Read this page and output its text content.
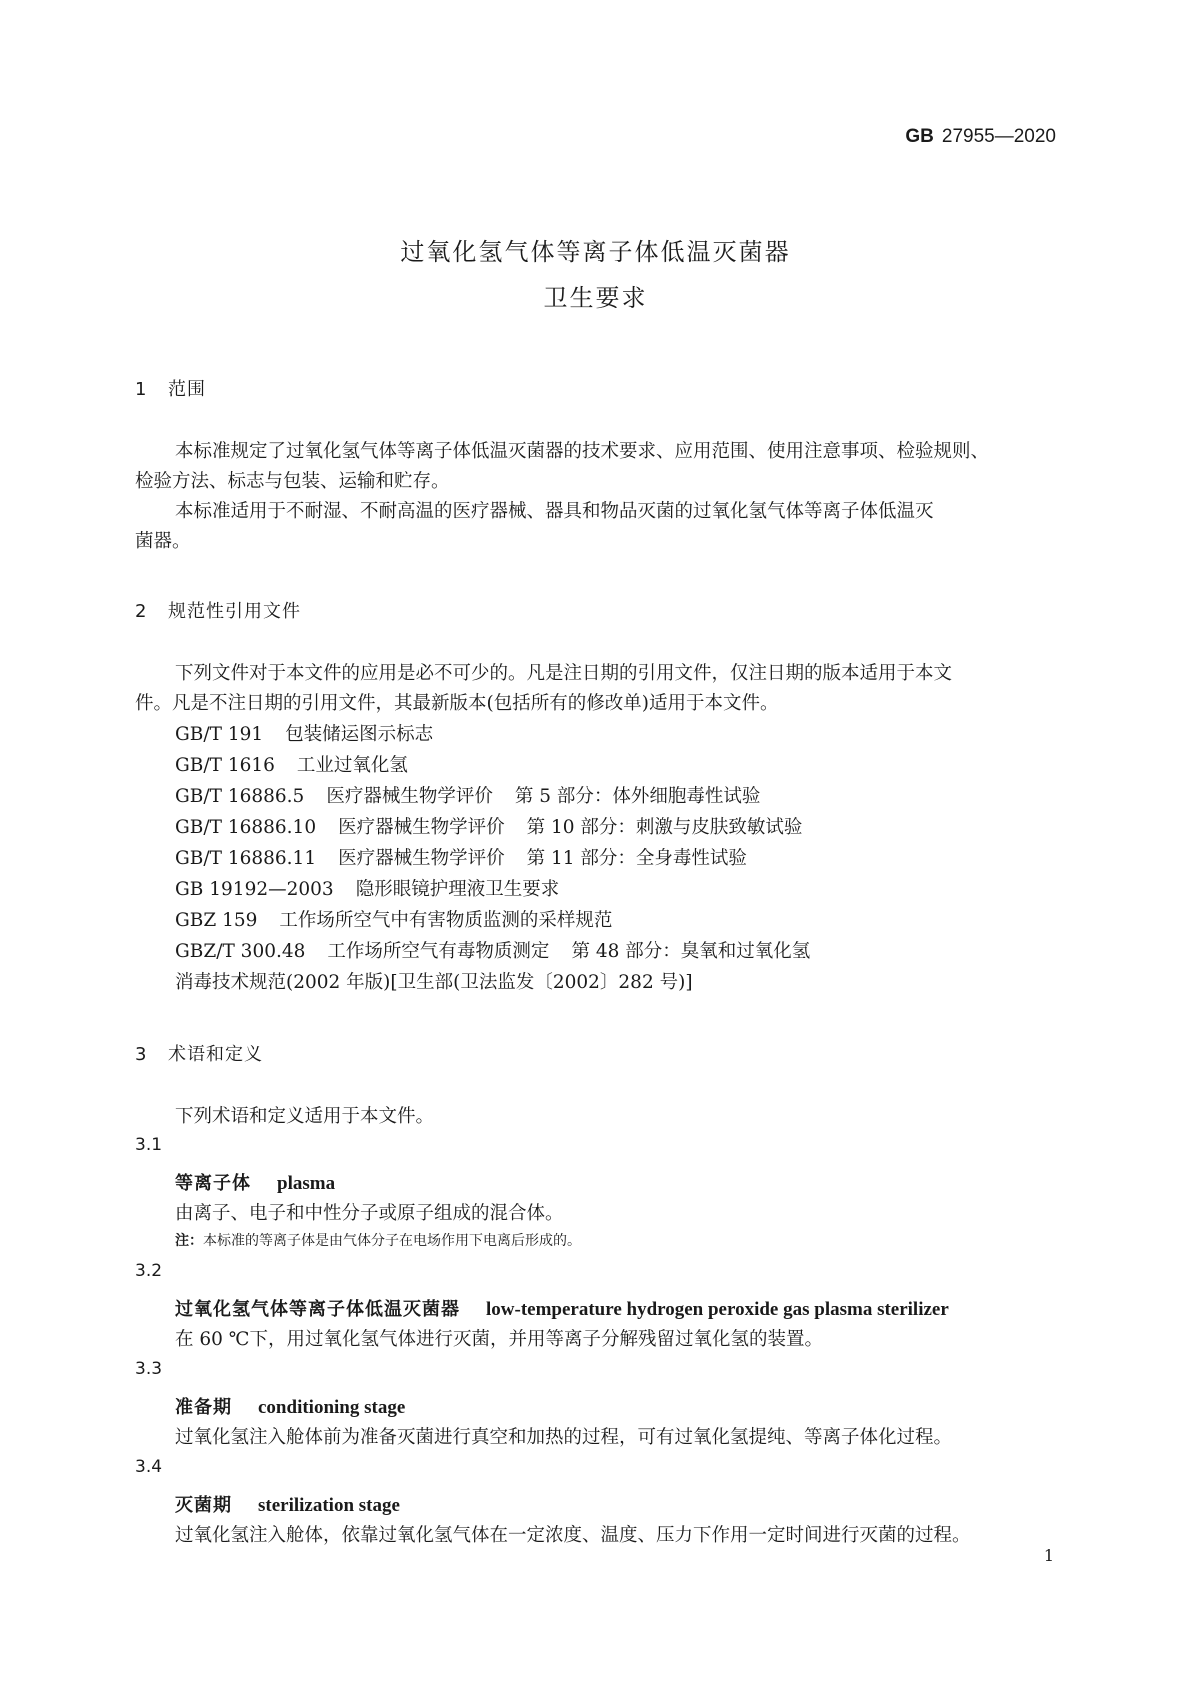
GB 27955—2020
过氧化氢气体等离子体低温灭菌器
卫生要求
1 范围
本标准规定了过氧化氢气体等离子体低温灭菌器的技术要求、应用范围、使用注意事项、检验规则、
检验方法、标志与包装、运输和贮存。
本标准适用于不耐湿、不耐高温的医疗器械、器具和物品灭菌的过氧化氢气体等离子体低温灭
菌器。
2 规范性引用文件
下列文件对于本文件的应用是必不可少的。凡是注日期的引用文件，仅注日期的版本适用于本文
件。凡是不注日期的引用文件，其最新版本(包括所有的修改单)适用于本文件。
GB/T 191 包装储运图示标志
GB/T 1616 工业过氧化氢
GB/T 16886.5 医疗器械生物学评价 第 5 部分：体外细胞毒性试验
GB/T 16886.10 医疗器械生物学评价 第 10 部分：刺激与皮肤致敏试验
GB/T 16886.11 医疗器械生物学评价 第 11 部分：全身毒性试验
GB 19192—2003 隐形眼镜护理液卫生要求
GBZ 159 工作场所空气中有害物质监测的采样规范
GBZ/T 300.48 工作场所空气有毒物质测定 第 48 部分：臭氧和过氧化氢
消毒技术规范(2002 年版)[卫生部(卫法监发〔2002〕282 号)]
3 术语和定义
下列术语和定义适用于本文件。
3.1
等离子体 plasma
由离子、电子和中性分子或原子组成的混合体。
注：本标准的等离子体是由气体分子在电场作用下电离后形成的。
3.2
过氧化氢气体等离子体低温灭菌器 low-temperature hydrogen peroxide gas plasma sterilizer
在 60 ℃下，用过氧化氢气体进行灭菌，并用等离子分解残留过氧化氢的装置。
3.3
准备期 conditioning stage
过氧化氢注入舱体前为准备灭菌进行真空和加热的过程，可有过氧化氢提纯、等离子体化过程。
3.4
灭菌期 sterilization stage
过氧化氢注入舱体，依靠过氧化氢气体在一定浓度、温度、压力下作用一定时间进行灭菌的过程。
1
